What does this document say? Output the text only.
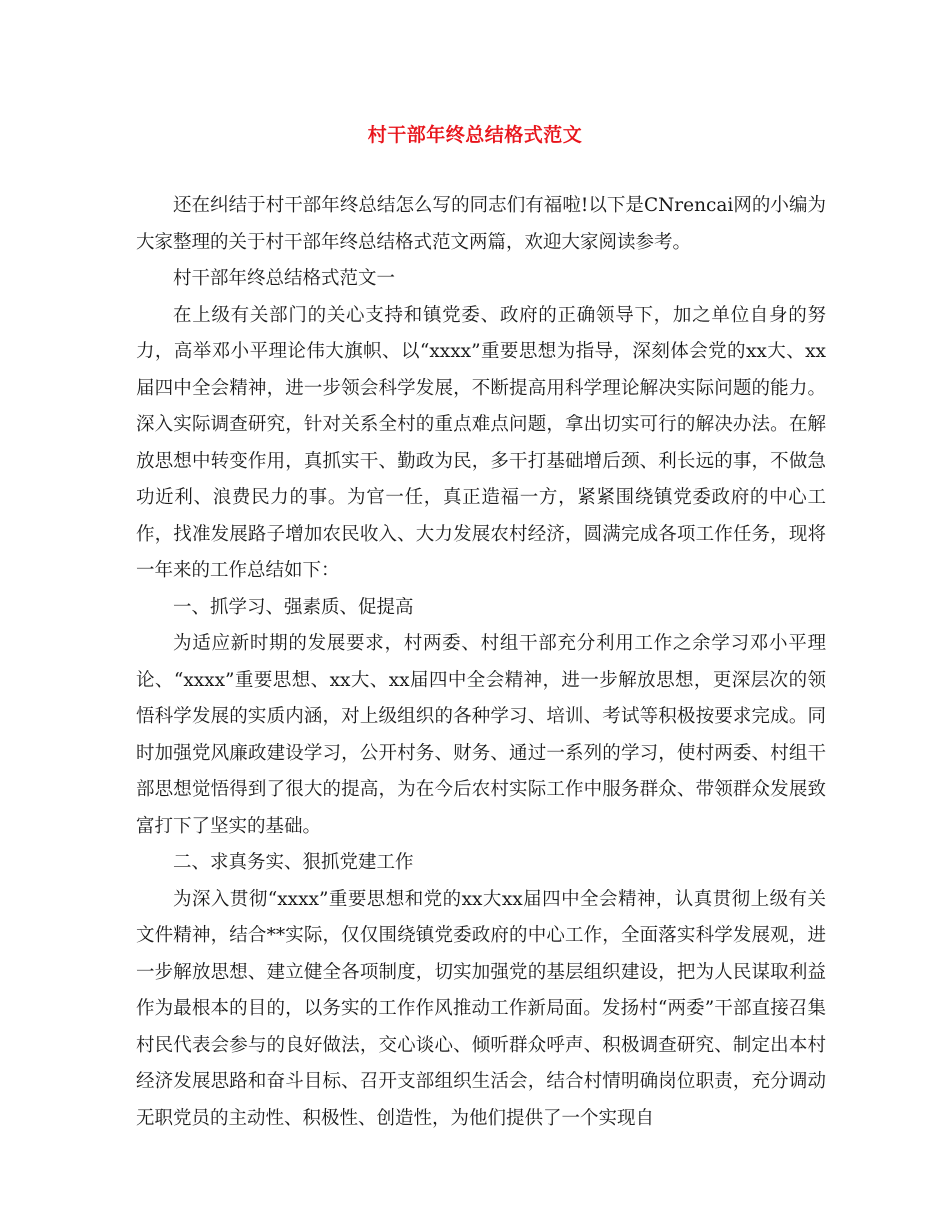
村干部年终总结格式范文

还在纠结于村干部年终总结怎么写的同志们有福啦!以下是CNrencai网的小编为大家整理的关于村干部年终总结格式范文两篇，欢迎大家阅读参考。

村干部年终总结格式范文一

在上级有关部门的关心支持和镇党委、政府的正确领导下，加之单位自身的努力，高举邓小平理论伟大旗帜、以“xxxx”重要思想为指导，深刻体会党的xx大、xx届四中全会精神，进一步领会科学发展，不断提高用科学理论解决实际问题的能力。深入实际调查研究，针对关系全村的重点难点问题，拿出切实可行的解决办法。在解放思想中转变作用，真抓实干、勤政为民，多干打基础增后颈、利长远的事，不做急功近利、浪费民力的事。为官一任，真正造福一方，紧紧围绕镇党委政府的中心工作，找准发展路子增加农民收入、大力发展农村经济，圆满完成各项工作任务，现将一年来的工作总结如下：

一、抓学习、强素质、促提高

为适应新时期的发展要求，村两委、村组干部充分利用工作之余学习邓小平理论、“xxxx”重要思想、xx大、xx届四中全会精神，进一步解放思想，更深层次的领悟科学发展的实质内涵，对上级组织的各种学习、培训、考试等积极按要求完成。同时加强党风廉政建设学习，公开村务、财务、通过一系列的学习，使村两委、村组干部思想觉悟得到了很大的提高，为在今后农村实际工作中服务群众、带领群众发展致富打下了坚实的基础。

二、求真务实、狠抓党建工作

为深入贯彻“xxxx”重要思想和党的xx大xx届四中全会精神，认真贯彻上级有关文件精神，结合**实际，仅仅围绕镇党委政府的中心工作，全面落实科学发展观，进一步解放思想、建立健全各项制度，切实加强党的基层组织建设，把为人民谋取利益作为最根本的目的，以务实的工作作风推动工作新局面。发扬村“两委”干部直接召集村民代表会参与的良好做法，交心谈心、倾听群众呼声、积极调查研究、制定出本村经济发展思路和奋斗目标、召开支部组织生活会，结合村情明确岗位职责，充分调动无职党员的主动性、积极性、创造性，为他们提供了一个实现自
